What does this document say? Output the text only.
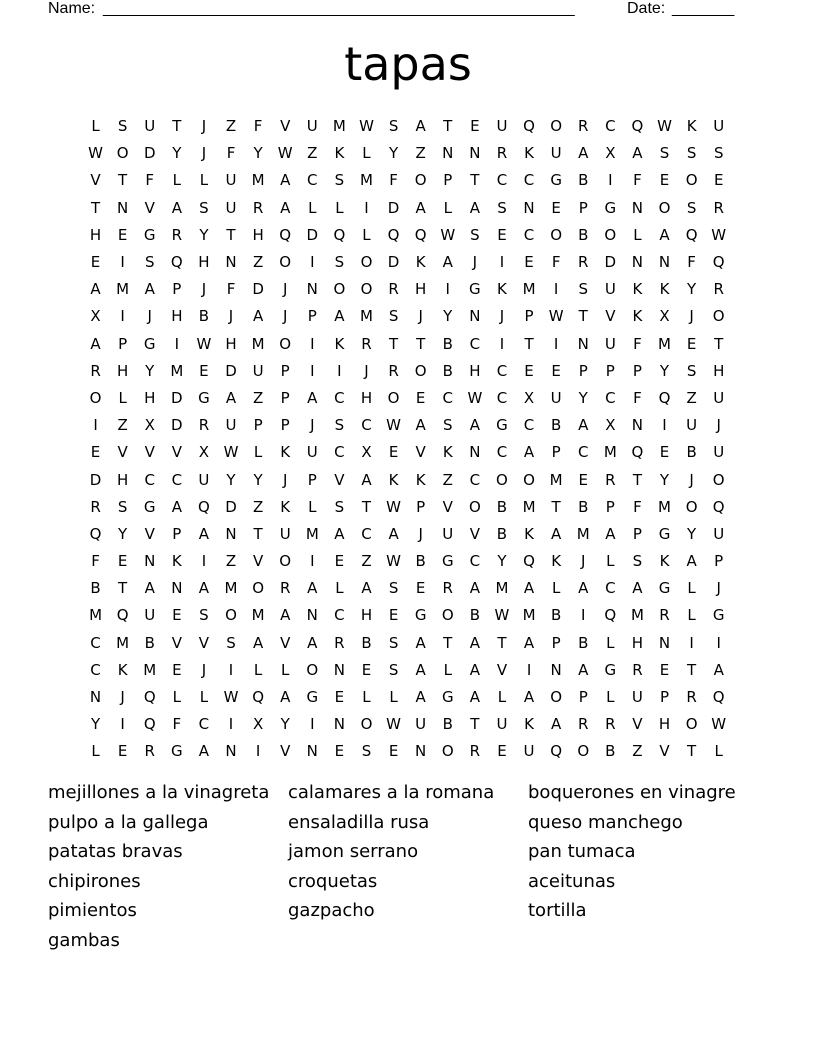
Name: _____________________________________________________	Date: _______
tapas
L	S	U	T	J	Z	F	V	U	M W S	A	T	E	U	Q	O	R	C	Q W K	U
W O	D	Y	J	F	Y	W Z	K	L	Y	Z	N	N	R	K	U	A	X	A	S	S	S
V	T	F	L	L	U	M	A	C	S	M	F	O	P	T	C	C	G	B	I	F	E	O	E
T	N	V	A	S	U	R	A	L	L	I	D	A	L	A	S	N	E	P	G	N	O	S	R
H	E	G	R	Y	T	H	Q	D	Q	L	Q	Q W S	E	C	O	B	O	L	A	Q W
E	I	S	Q	H	N	Z	O	I	S	O	D	K	A	J	I	E	F	R	D	N	N	F	Q
A	M	A	P	J	F	D	J	N	O	O	R	H	I	G	K	M	I	S	U	K	K	Y	R
X	I	J	H	B	J	A	J	P	A	M	S	J	Y	N	J	P	W	T	V	K	X	J	O
A	P	G	I	W H M O	I	K	R	T	T	B	C	I	T	I	N	U	F	M	E	T
R	H	Y	M	E	D	U	P	I	I	J	R	O	B	H	C	E	E	P	P	P	Y	S	H
O	L	H	D	G	A	Z	P	A	C	H	O	E	C W C	X	U	Y	C	F	Q	Z	U
I	Z	X	D	R	U	P	P	J	S	C W A	S	A	G	C	B	A	X	N	I	U	J
E	V	V	V	X W	L	K	U	C	X	E	V	K	N	C	A	P	C	M Q	E	B	U
D	H	C	C	U	Y	Y	J	P	V	A	K	K	Z	C	O	O M	E	R	T	Y	J	O
R	S	G	A	Q	D	Z	K	L	S	T	W	P	V	O	B	M	T	B	P	F	M O	Q
Q	Y	V	P	A	N	T	U	M	A	C	A	J	U	V	B	K	A	M	A	P	G	Y	U
F	E	N	K	I	Z	V	O	I	E	Z W B	G	C	Y	Q	K	J	L	S	K	A	P
B	T	A	N	A	M O	R	A	L	A	S	E	R	A	M	A	L	A	C	A	G	L	J
M Q	U	E	S	O M	A	N	C	H	E	G	O	B W M	B	I	Q M	R	L	G
C	M	B	V	V	S	A	V	A	R	B	S	A	T	A	T	A	P	B	L	H	N	I	I
C	K	M	E	J	I	L	L	O	N	E	S	A	L	A	V	I	N	A	G	R	E	T	A
N	J	Q	L	L	W Q	A	G	E	L	L	A	G	A	L	A	O	P	L	U	P	R	Q
Y	I	Q	F	C	I	X	Y	I	N	O W U	B	T	U	K	A	R	R	V	H	O W
L	E	R	G	A	N	I	V	N	E	S	E	N	O	R	E	U	Q	O	B	Z	V	T	L
mejillones a la vinagreta	calamares a la romana	boquerones en vinagre
pulpo a la gallega	ensaladilla rusa	queso manchego
patatas bravas	jamon serrano	pan tumaca
chipirones	croquetas	aceitunas
pimientos	gazpacho	tortilla
gambas
